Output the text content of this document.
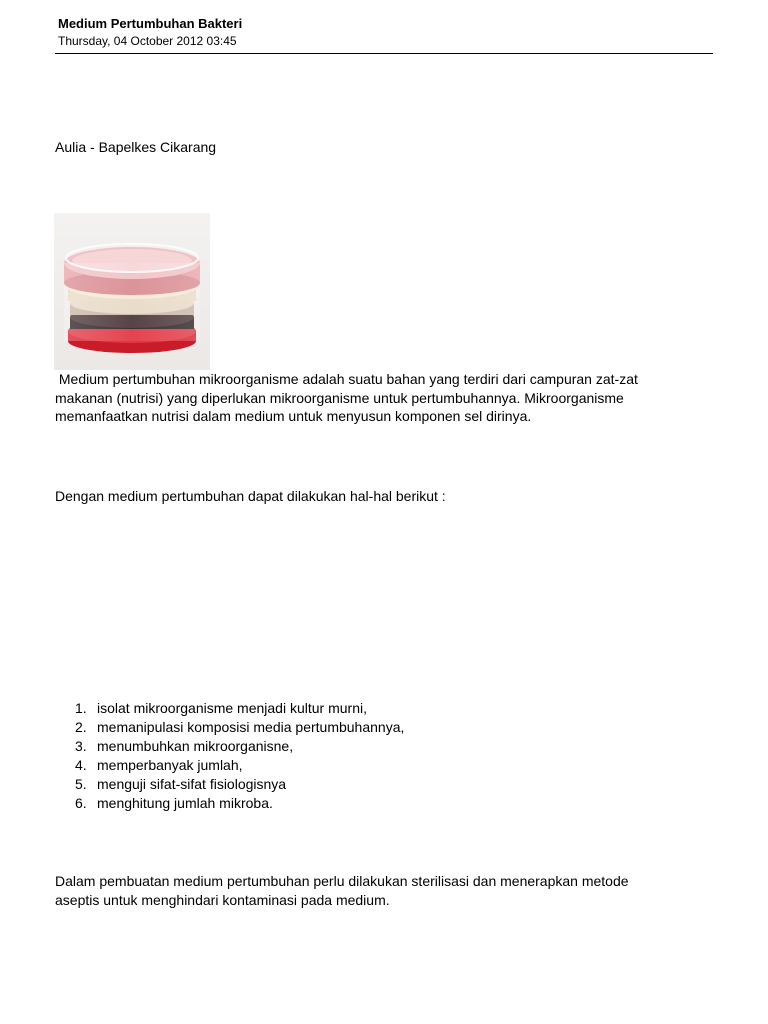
Medium Pertumbuhan Bakteri
Thursday, 04 October 2012 03:45

Aulia - Bapelkes Cikarang

Medium pertumbuhan mikroorganisme adalah suatu bahan yang terdiri dari campuran zat-zat
makanan (nutrisi) yang diperlukan mikroorganisme untuk pertumbuhannya. Mikroorganisme
memanfaatkan nutrisi dalam medium untuk menyusun komponen sel dirinya.

Dengan medium pertumbuhan dapat dilakukan hal-hal berikut :

1. isolat mikroorganisme menjadi kultur murni,
2. memanipulasi komposisi media pertumbuhannya,
3. menumbuhkan mikroorganisne,
4. memperbanyak jumlah,
5. menguji sifat-sifat fisiologisnya
6. menghitung jumlah mikroba.

Dalam pembuatan medium pertumbuhan perlu dilakukan sterilisasi dan menerapkan metode
aseptis untuk menghindari kontaminasi pada medium.
